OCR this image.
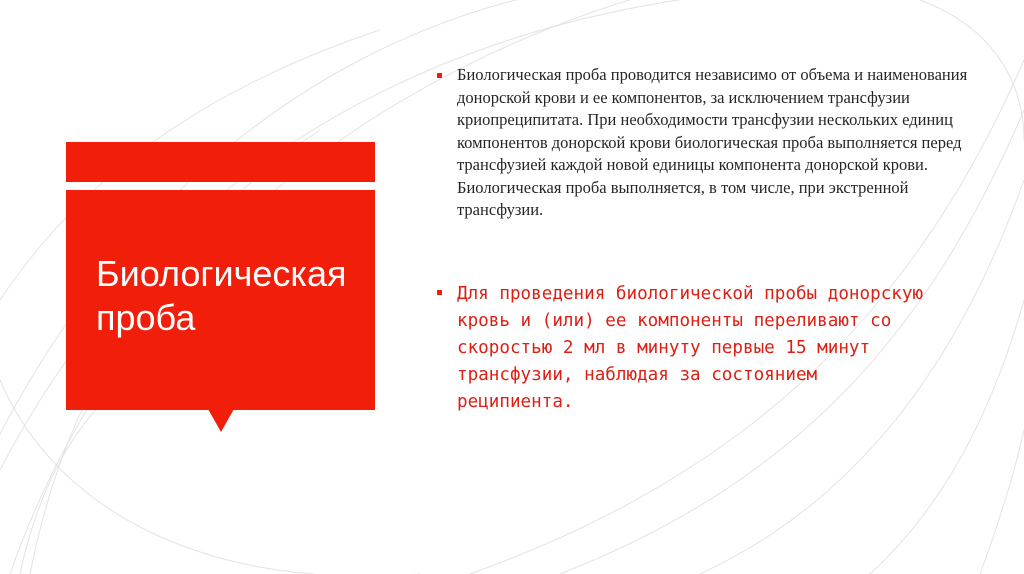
Биологическая проба

Биологическая проба проводится независимо от объема и наименования донорской крови и ее компонентов, за исключением трансфузии криопреципитата. При необходимости трансфузии нескольких единиц компонентов донорской крови биологическая проба выполняется перед трансфузией каждой новой единицы компонента донорской крови. Биологическая проба выполняется, в том числе, при экстренной трансфузии.

Для проведения биологической пробы донорскую кровь и (или) ее компоненты переливают со скоростью 2 мл в минуту первые 15 минут трансфузии, наблюдая за состоянием реципиента.
